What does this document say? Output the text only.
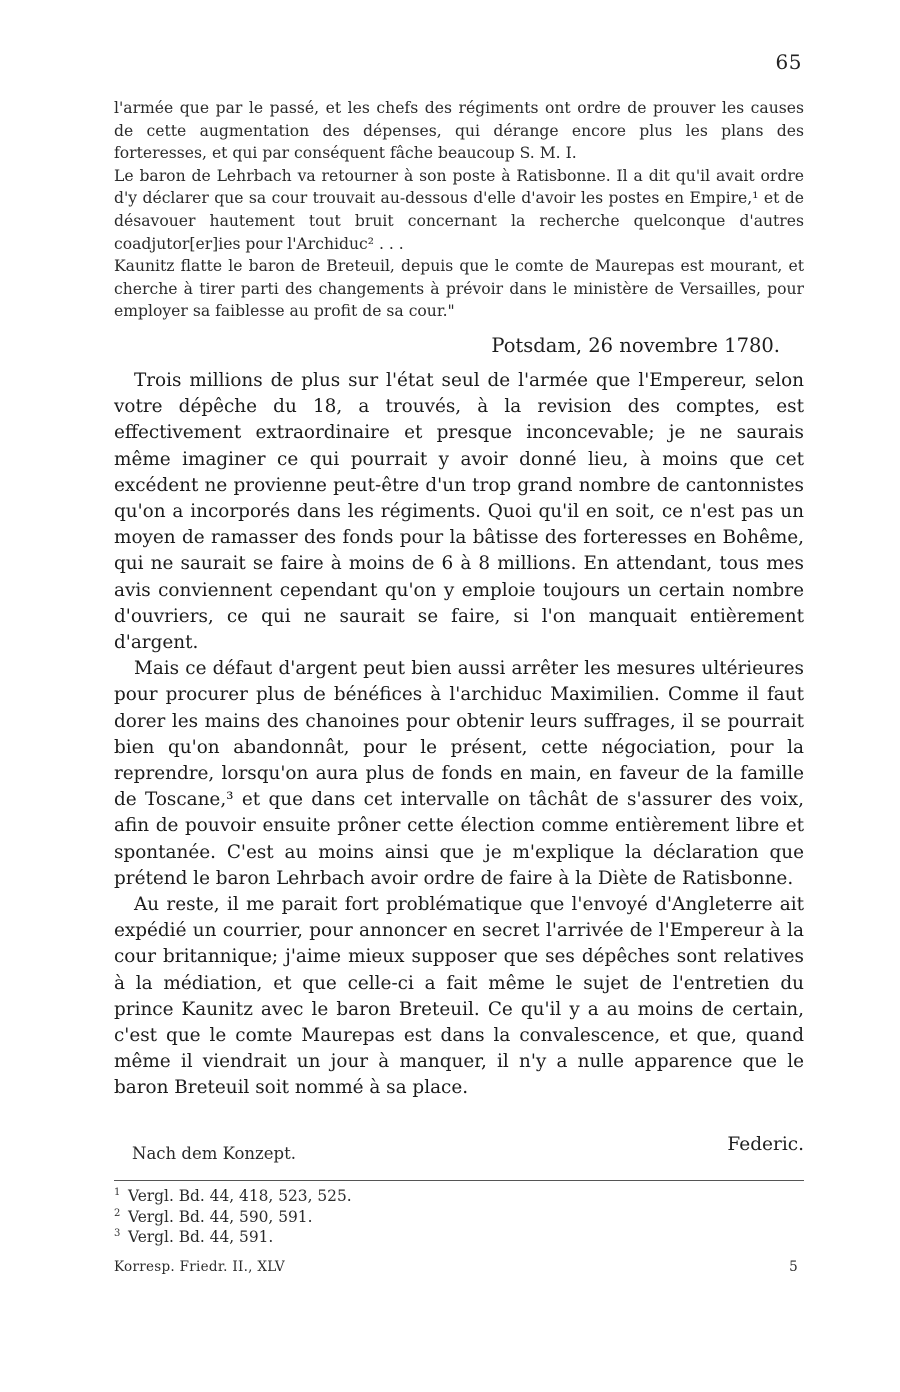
65

l'armée que par le passé, et les chefs des régiments ont ordre de prouver les causes de cette augmentation des dépenses, qui dérange encore plus les plans des forteresses, et qui par conséquent fâche beaucoup S. M. I.

Le baron de Lehrbach va retourner à son poste à Ratisbonne. Il a dit qu'il avait ordre d'y déclarer que sa cour trouvait au-dessous d'elle d'avoir les postes en Empire,¹ et de désavouer hautement tout bruit concernant la recherche quelconque d'autres coadjutor[er]ies pour l'Archiduc² . . .

Kaunitz flatte le baron de Breteuil, depuis que le comte de Maurepas est mourant, et cherche à tirer parti des changements à prévoir dans le ministère de Versailles, pour employer sa faiblesse au profit de sa cour."

Potsdam, 26 novembre 1780.

Trois millions de plus sur l'état seul de l'armée que l'Empereur, selon votre dépêche du 18, a trouvés, à la revision des comptes, est effectivement extraordinaire et presque inconcevable; je ne saurais même imaginer ce qui pourrait y avoir donné lieu, à moins que cet excédent ne provienne peut-être d'un trop grand nombre de cantonnistes qu'on a incorporés dans les régiments. Quoi qu'il en soit, ce n'est pas un moyen de ramasser des fonds pour la bâtisse des forteresses en Bohême, qui ne saurait se faire à moins de 6 à 8 millions. En attendant, tous mes avis conviennent cependant qu'on y emploie toujours un certain nombre d'ouvriers, ce qui ne saurait se faire, si l'on manquait entièrement d'argent.

Mais ce défaut d'argent peut bien aussi arrêter les mesures ultérieures pour procurer plus de bénéfices à l'archiduc Maximilien. Comme il faut dorer les mains des chanoines pour obtenir leurs suffrages, il se pourrait bien qu'on abandonnât, pour le présent, cette négociation, pour la reprendre, lorsqu'on aura plus de fonds en main, en faveur de la famille de Toscane,³ et que dans cet intervalle on tâchât de s'assurer des voix, afin de pouvoir ensuite prôner cette élection comme entièrement libre et spontanée. C'est au moins ainsi que je m'explique la déclaration que prétend le baron Lehrbach avoir ordre de faire à la Diète de Ratisbonne.

Au reste, il me parait fort problématique que l'envoyé d'Angleterre ait expédié un courrier, pour annoncer en secret l'arrivée de l'Empereur à la cour britannique; j'aime mieux supposer que ses dépêches sont relatives à la médiation, et que celle-ci a fait même le sujet de l'entretien du prince Kaunitz avec le baron Breteuil. Ce qu'il y a au moins de certain, c'est que le comte Maurepas est dans la convalescence, et que, quand même il viendrait un jour à manquer, il n'y a nulle apparence que le baron Breteuil soit nommé à sa place.

Nach dem Konzept.	Federic.
1 Vergl. Bd. 44, 418, 523, 525.
2 Vergl. Bd. 44, 590, 591.
3 Vergl. Bd. 44, 591.
Korresp. Friedr. II., XLV	5
